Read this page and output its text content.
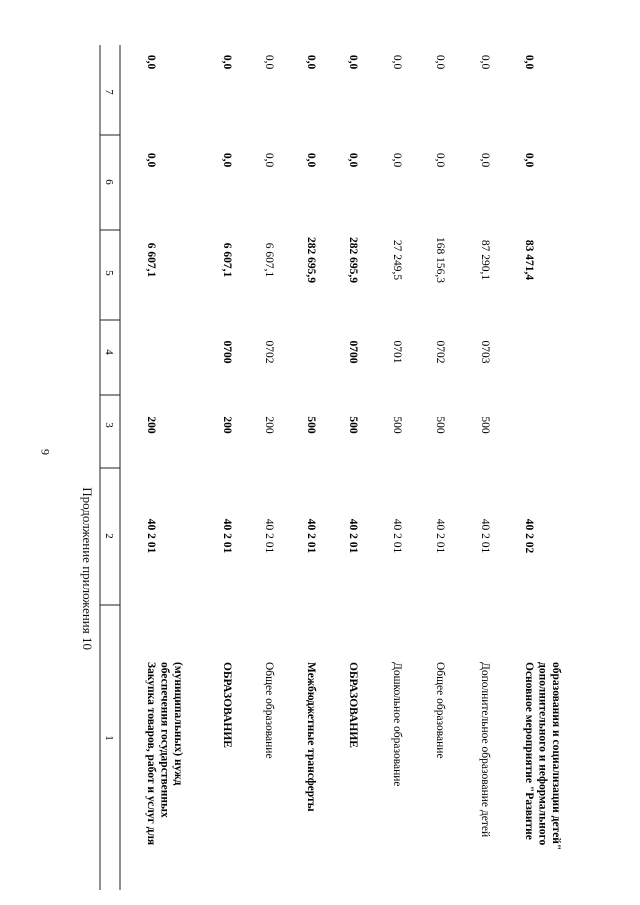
9
Продолжение приложения 10
1
2
3
4
5
6
7
Закупка товаров, работ и услуг для обеспечения государственных (муниципальных) нужд
40 2 01
200
6 607,1
0,0
0,0
ОБРАЗОВАНИЕ
40 2 01
200
0700
6 607,1
0,0
0,0
Общее образование
40 2 01
200
0702
6 607,1
0,0
0,0
Межбюджетные трансферты
40 2 01
500
282 695,9
0,0
0,0
ОБРАЗОВАНИЕ
40 2 01
500
0700
282 695,9
0,0
0,0
Дошкольное образование
40 2 01
500
0701
27 249,5
0,0
0,0
Общее образование
40 2 01
500
0702
168 156,3
0,0
0,0
Дополнительное образование детей
40 2 01
500
0703
87 290,1
0,0
0,0
Основное мероприятие "Развитие дополнительного и неформального образования и социализации детей"
40 2 02
83 471,4
0,0
0,0
